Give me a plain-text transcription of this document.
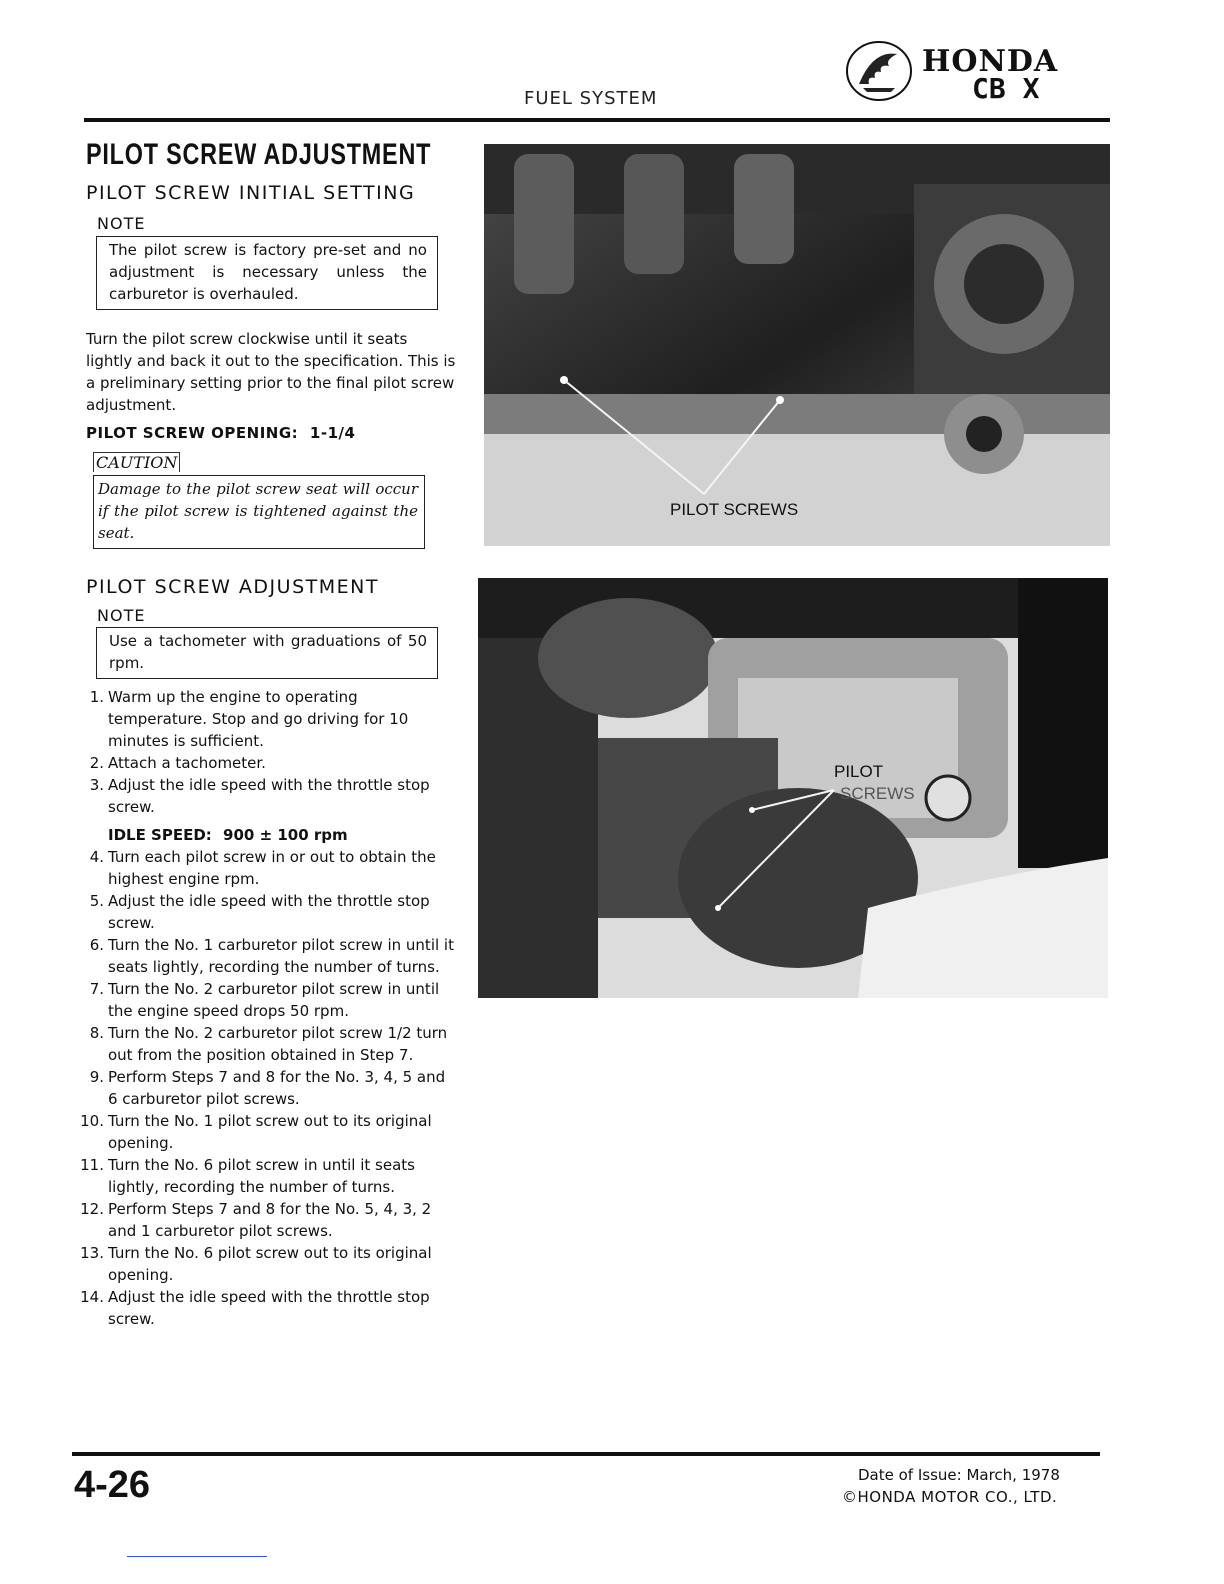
FUEL SYSTEM
HONDA
CB X
PILOT SCREW ADJUSTMENT
PILOT SCREW INITIAL SETTING
NOTE
The pilot screw is factory pre-set and no adjustment is necessary unless the carburetor is overhauled.
Turn the pilot screw clockwise until it seats lightly and back it out to the specification. This is a preliminary setting prior to the final pilot screw adjustment.
PILOT SCREW OPENING: 1-1/4
CAUTION
Damage to the pilot screw seat will occur if the pilot screw is tightened against the seat.
PILOT SCREW ADJUSTMENT
NOTE
Use a tachometer with graduations of 50 rpm.
1. Warm up the engine to operating temperature. Stop and go driving for 10 minutes is sufficient.
2. Attach a tachometer.
3. Adjust the idle speed with the throttle stop screw.
IDLE SPEED: 900 ± 100 rpm
4. Turn each pilot screw in or out to obtain the highest engine rpm.
5. Adjust the idle speed with the throttle stop screw.
6. Turn the No. 1 carburetor pilot screw in until it seats lightly, recording the number of turns.
7. Turn the No. 2 carburetor pilot screw in until the engine speed drops 50 rpm.
8. Turn the No. 2 carburetor pilot screw 1/2 turn out from the position obtained in Step 7.
9. Perform Steps 7 and 8 for the No. 3, 4, 5 and 6 carburetor pilot screws.
10. Turn the No. 1 pilot screw out to its original opening.
11. Turn the No. 6 pilot screw in until it seats lightly, recording the number of turns.
12. Perform Steps 7 and 8 for the No. 5, 4, 3, 2 and 1 carburetor pilot screws.
13. Turn the No. 6 pilot screw out to its original opening.
14. Adjust the idle speed with the throttle stop screw.
PILOT SCREWS
PILOT
SCREWS
4-26	Date of Issue: March, 1978
©HONDA MOTOR CO., LTD.
